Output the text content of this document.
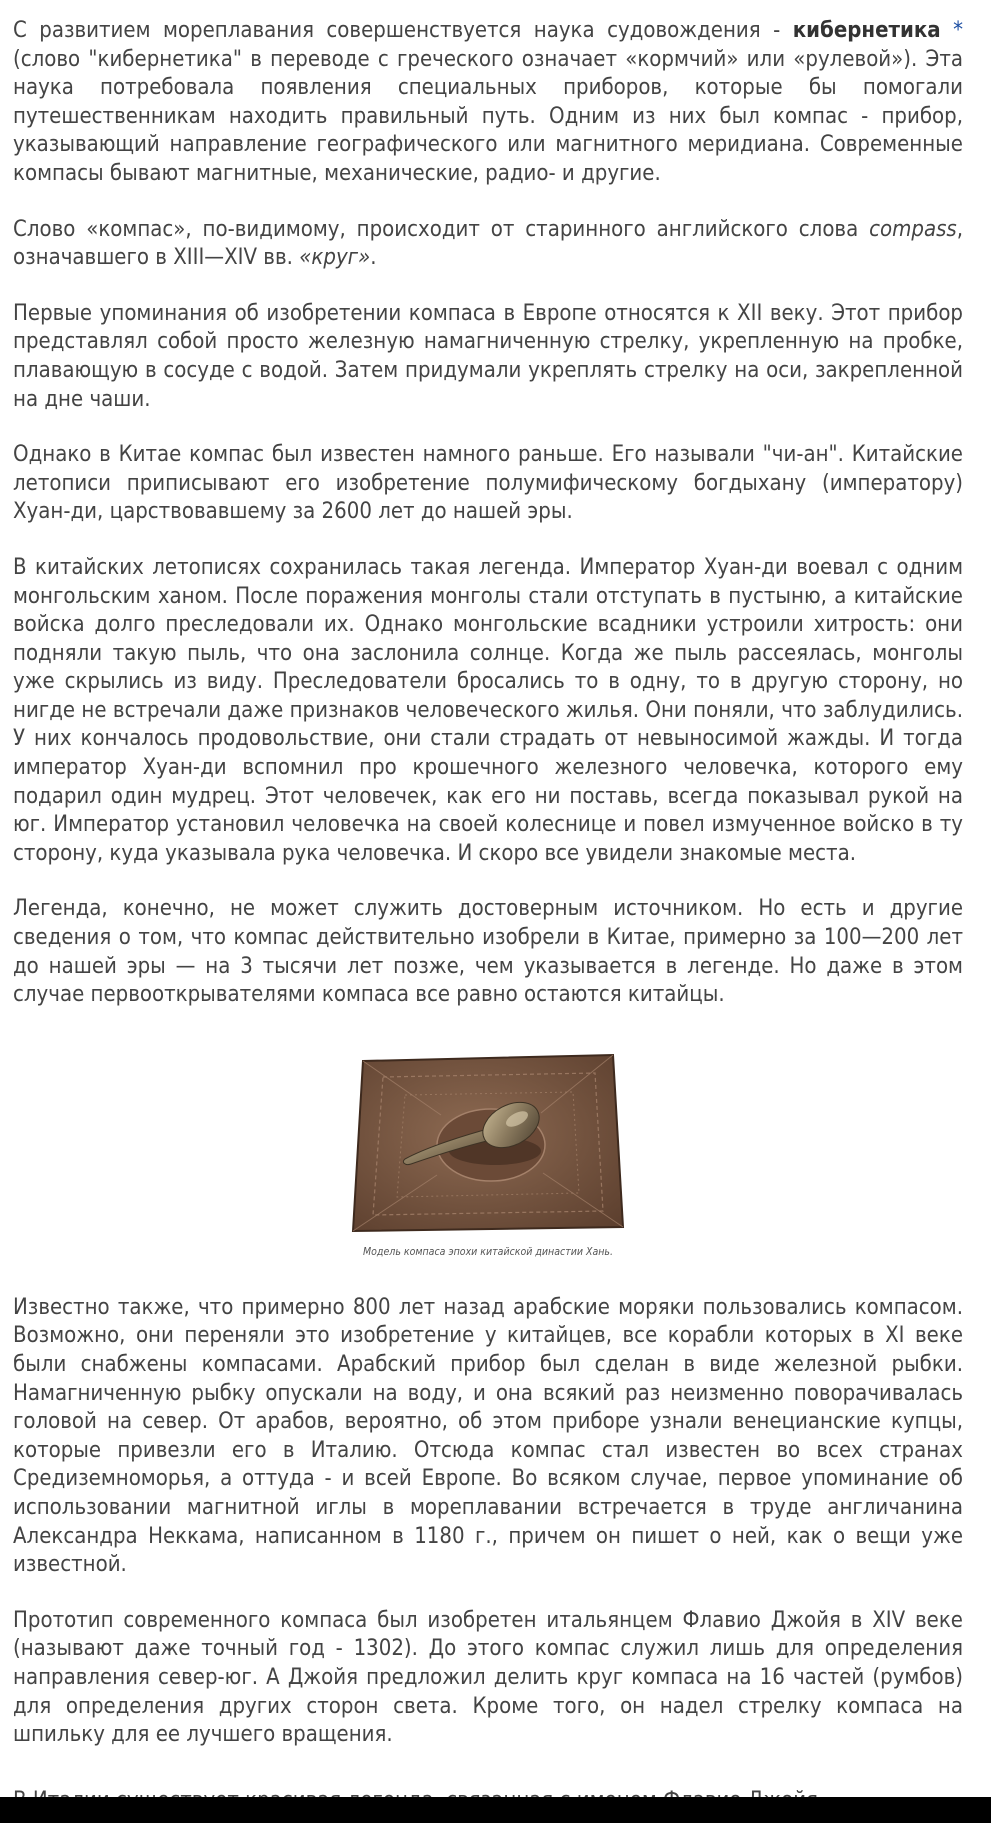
С развитием мореплавания совершенствуется наука судовождения - кибернетика * (слово "кибернетика" в переводе с греческого означает «кормчий» или «рулевой»). Эта наука потребовала появления специальных приборов, которые бы помогали путешественникам находить правильный путь. Одним из них был компас - прибор, указывающий направление географического или магнитного меридиана. Современные компасы бывают магнитные, механические, радио- и другие.

Слово «компас», по-видимому, происходит от старинного английского слова compass, означавшего в XIII—XIV вв. «круг».

Первые упоминания об изобретении компаса в Европе относятся к XII веку. Этот прибор представлял собой просто железную намагниченную стрелку, укрепленную на пробке, плавающую в сосуде с водой. Затем придумали укреплять стрелку на оси, закрепленной на дне чаши.

Однако в Китае компас был известен намного раньше. Его называли "чи-ан". Китайские летописи приписывают его изобретение полумифическому богдыхану (императору) Хуан-ди, царствовавшему за 2600 лет до нашей эры.

В китайских летописях сохранилась такая легенда. Император Хуан-ди воевал с одним монгольским ханом. После поражения монголы стали отступать в пустыню, а китайские войска долго преследовали их. Однако монгольские всадники устроили хитрость: они подняли такую пыль, что она заслонила солнце. Когда же пыль рассеялась, монголы уже скрылись из виду. Преследователи бросались то в одну, то в другую сторону, но нигде не встречали даже признаков человеческого жилья. Они поняли, что заблудились. У них кончалось продовольствие, они стали страдать от невыносимой жажды. И тогда император Хуан-ди вспомнил про крошечного железного человечка, которого ему подарил один мудрец. Этот человечек, как его ни поставь, всегда показывал рукой на юг. Император установил человечка на своей колеснице и повел измученное войско в ту сторону, куда указывала рука человечка. И скоро все увидели знакомые места.

Легенда, конечно, не может служить достоверным источником. Но есть и другие сведения о том, что компас действительно изобрели в Китае, примерно за 100—200 лет до нашей эры — на 3 тысячи лет позже, чем указывается в легенде. Но даже в этом случае первооткрывателями компаса все равно остаются китайцы.

Модель компаса эпохи китайской династии Хань.

Известно также, что примерно 800 лет назад арабские моряки пользовались компасом. Возможно, они переняли это изобретение у китайцев, все корабли которых в XI веке были снабжены компасами. Арабский прибор был сделан в виде железной рыбки. Намагниченную рыбку опускали на воду, и она всякий раз неизменно поворачивалась головой на север. От арабов, вероятно, об этом приборе узнали венецианские купцы, которые привезли его в Италию. Отсюда компас стал известен во всех странах Средиземноморья, а оттуда - и всей Европе. Во всяком случае, первое упоминание об использовании магнитной иглы в мореплавании встречается в труде англичанина Александра Неккама, написанном в 1180 г., причем он пишет о ней, как о вещи уже известной.

Прототип современного компаса был изобретен итальянцем Флавио Джойя в XIV веке (называют даже точный год - 1302). До этого компас служил лишь для определения направления север-юг. А Джойя предложил делить круг компаса на 16 частей (румбов) для определения других сторон света. Кроме того, он надел стрелку компаса на шпильку для ее лучшего вращения.
